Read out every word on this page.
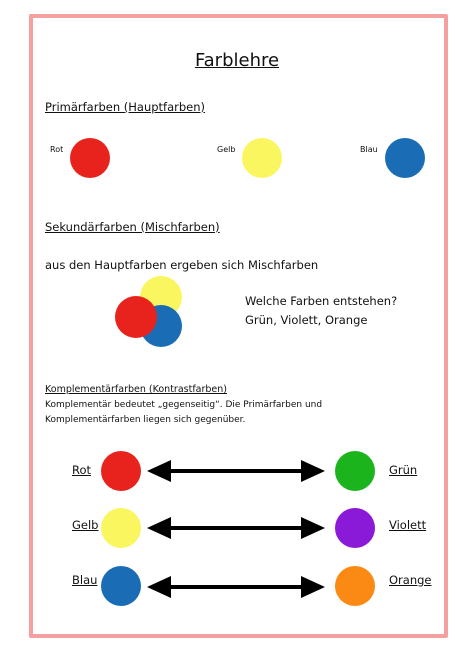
Farblehre
Primärfarben (Hauptfarben)
Rot	Gelb	Blau
Sekundärfarben (Mischfarben)
aus den Hauptfarben ergeben sich Mischfarben
Welche Farben entstehen?
Grün, Violett, Orange
Komplementärfarben (Kontrastfarben)
Komplementär bedeutet „gegenseitig“. Die Primärfarben und Komplementärfarben liegen sich gegenüber.
Rot	Grün
Gelb	Violett
Blau	Orange
